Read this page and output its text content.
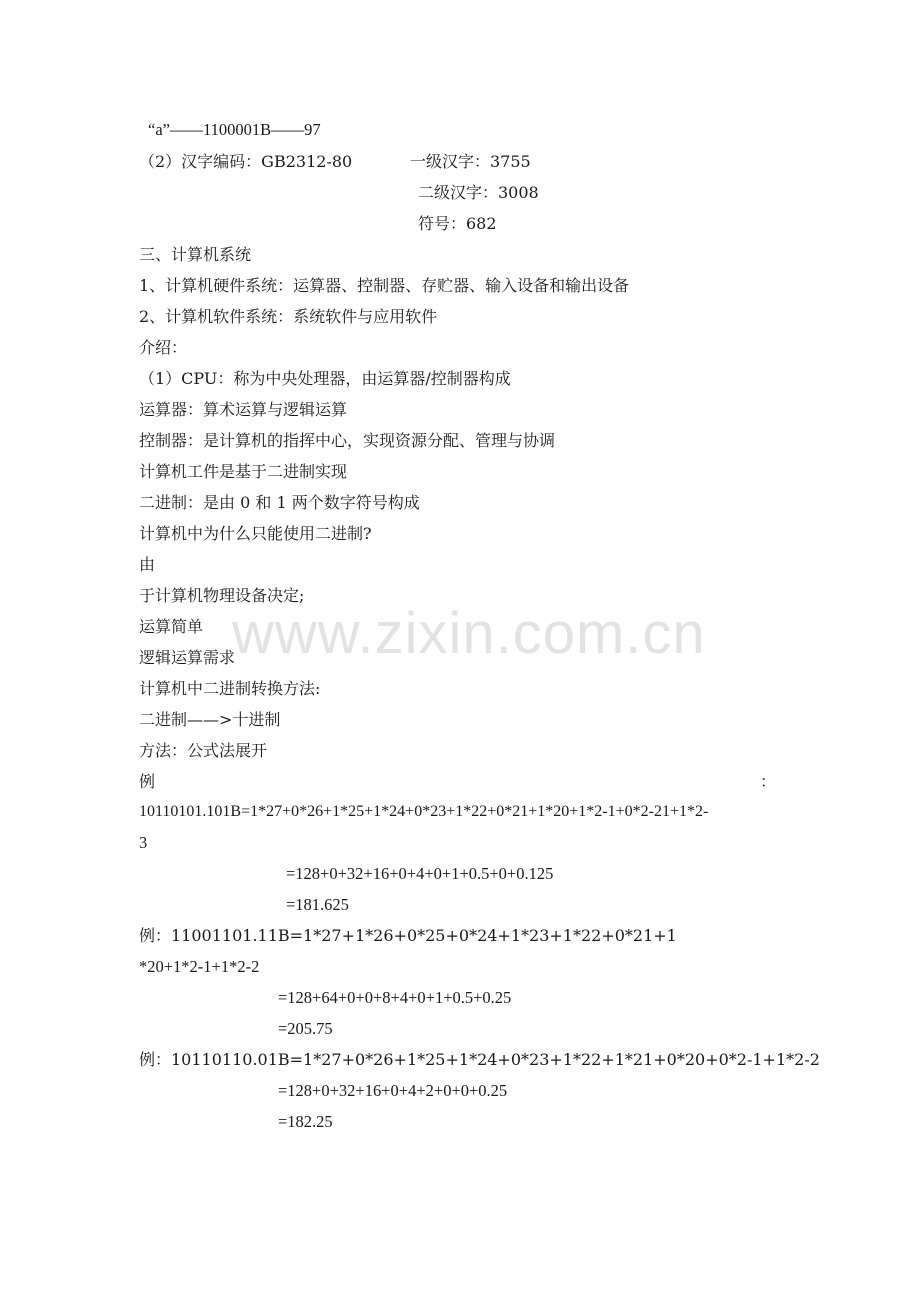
www.zixin.com.cn
“a”——1100001B——97
（2）汉字编码：GB2312-80	一级汉字：3755
二级汉字：3008
符号：682
三、计算机系统
1、计算机硬件系统：运算器、控制器、存贮器、输入设备和输出设备
2、计算机软件系统：系统软件与应用软件
介绍：
（1）CPU：称为中央处理器，由运算器/控制器构成
运算器：算术运算与逻辑运算
控制器：是计算机的指挥中心，实现资源分配、管理与协调
计算机工件是基于二进制实现
二进制：是由 0 和 1 两个数字符号构成
计算机中为什么只能使用二进制?
由
于计算机物理设备决定;
运算简单
逻辑运算需求
计算机中二进制转换方法:
二进制——>十进制
方法：公式法展开
例	：
10110101.101B=1*27+0*26+1*25+1*24+0*23+1*22+0*21+1*20+1*2-1+0*2-21+1*2-
3
=128+0+32+16+0+4+0+1+0.5+0+0.125
=181.625
例：11001101.11B=1*27+1*26+0*25+0*24+1*23+1*22+0*21+1
*20+1*2-1+1*2-2
=128+64+0+0+8+4+0+1+0.5+0.25
=205.75
例：10110110.01B=1*27+0*26+1*25+1*24+0*23+1*22+1*21+0*20+0*2-1+1*2-2
=128+0+32+16+0+4+2+0+0+0.25
=182.25
